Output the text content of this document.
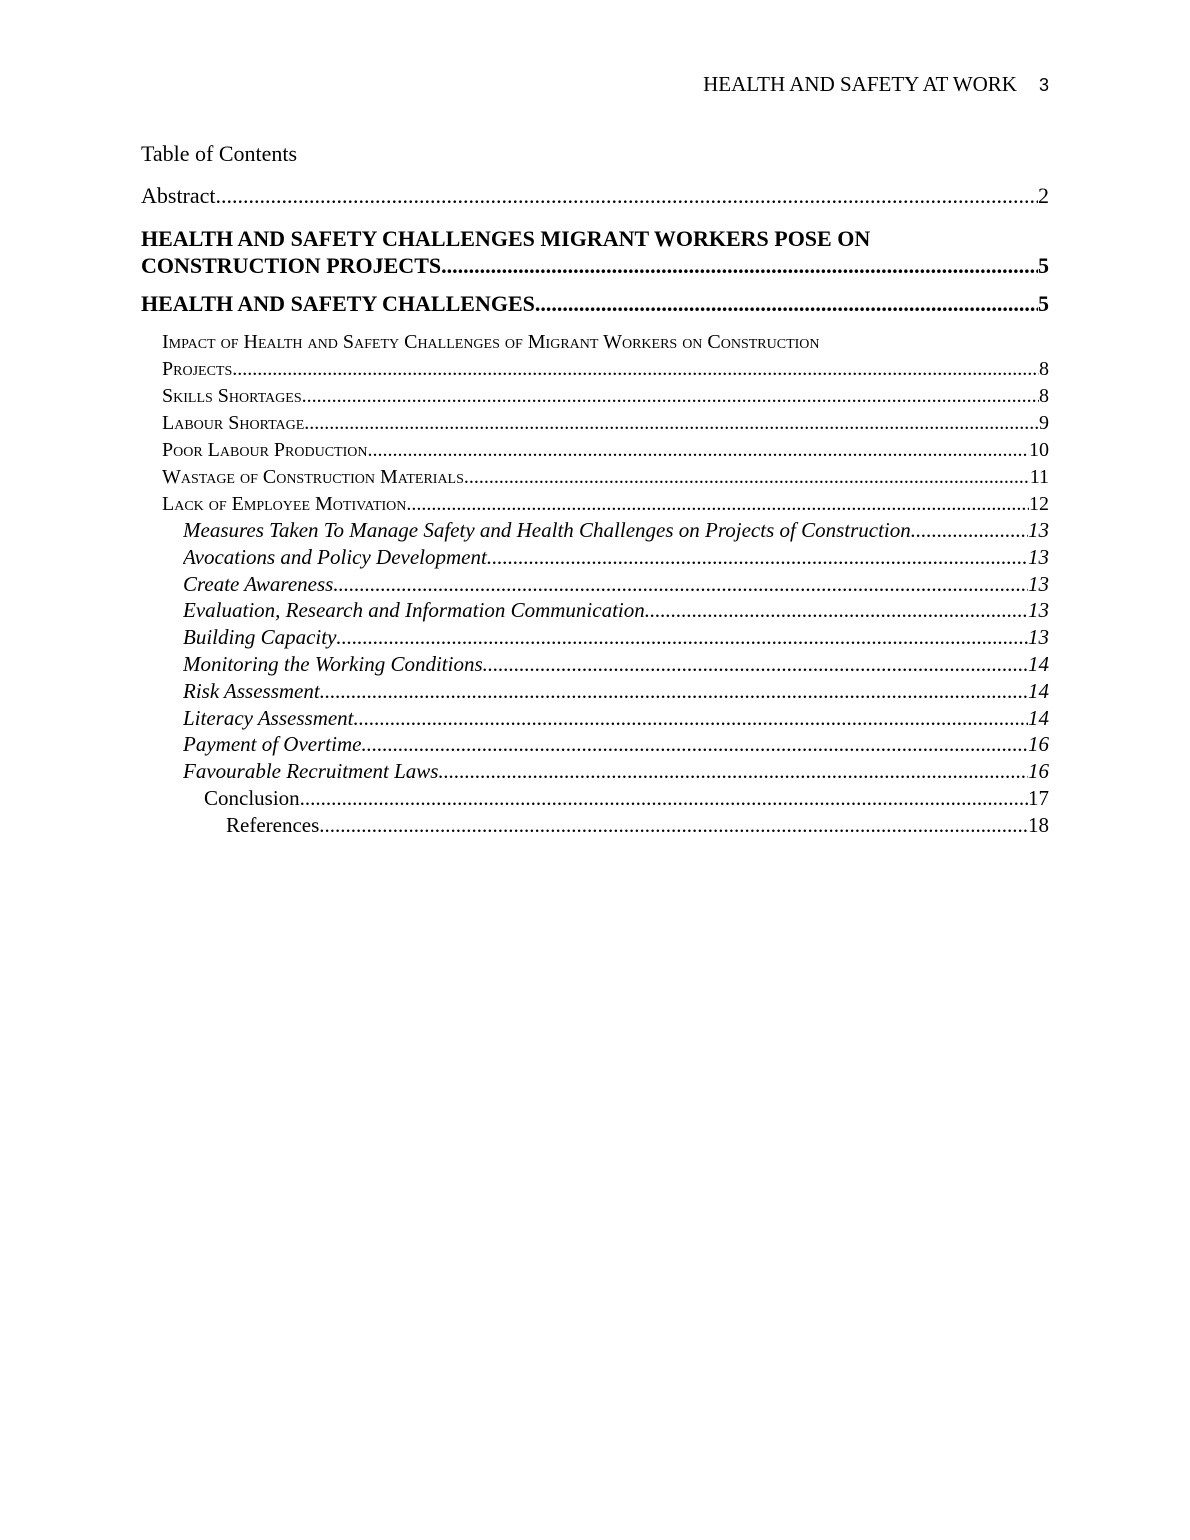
HEALTH AND SAFETY AT WORK 3
Table of Contents
Abstract .....	2
HEALTH AND SAFETY CHALLENGES MIGRANT WORKERS POSE ON
CONSTRUCTION PROJECTS .....	5
HEALTH AND SAFETY CHALLENGES .....	5
Impact of Health and Safety Challenges of Migrant Workers on Construction
Projects .....	8
Skills Shortages .....	8
Labour Shortage .....	9
Poor Labour Production .....	10
Wastage of Construction Materials .....	11
Lack of Employee Motivation .....	12
Measures Taken To Manage Safety and Health Challenges on Projects of Construction. .....	13
Avocations and Policy Development .....	13
Create Awareness .....	13
Evaluation, Research and Information Communication .....	13
Building Capacity .....	13
Monitoring the Working Conditions .....	14
Risk Assessment .....	14
Literacy Assessment .....	14
Payment of Overtime .....	16
Favourable Recruitment Laws .....	16
Conclusion .....	17
References .....	18
